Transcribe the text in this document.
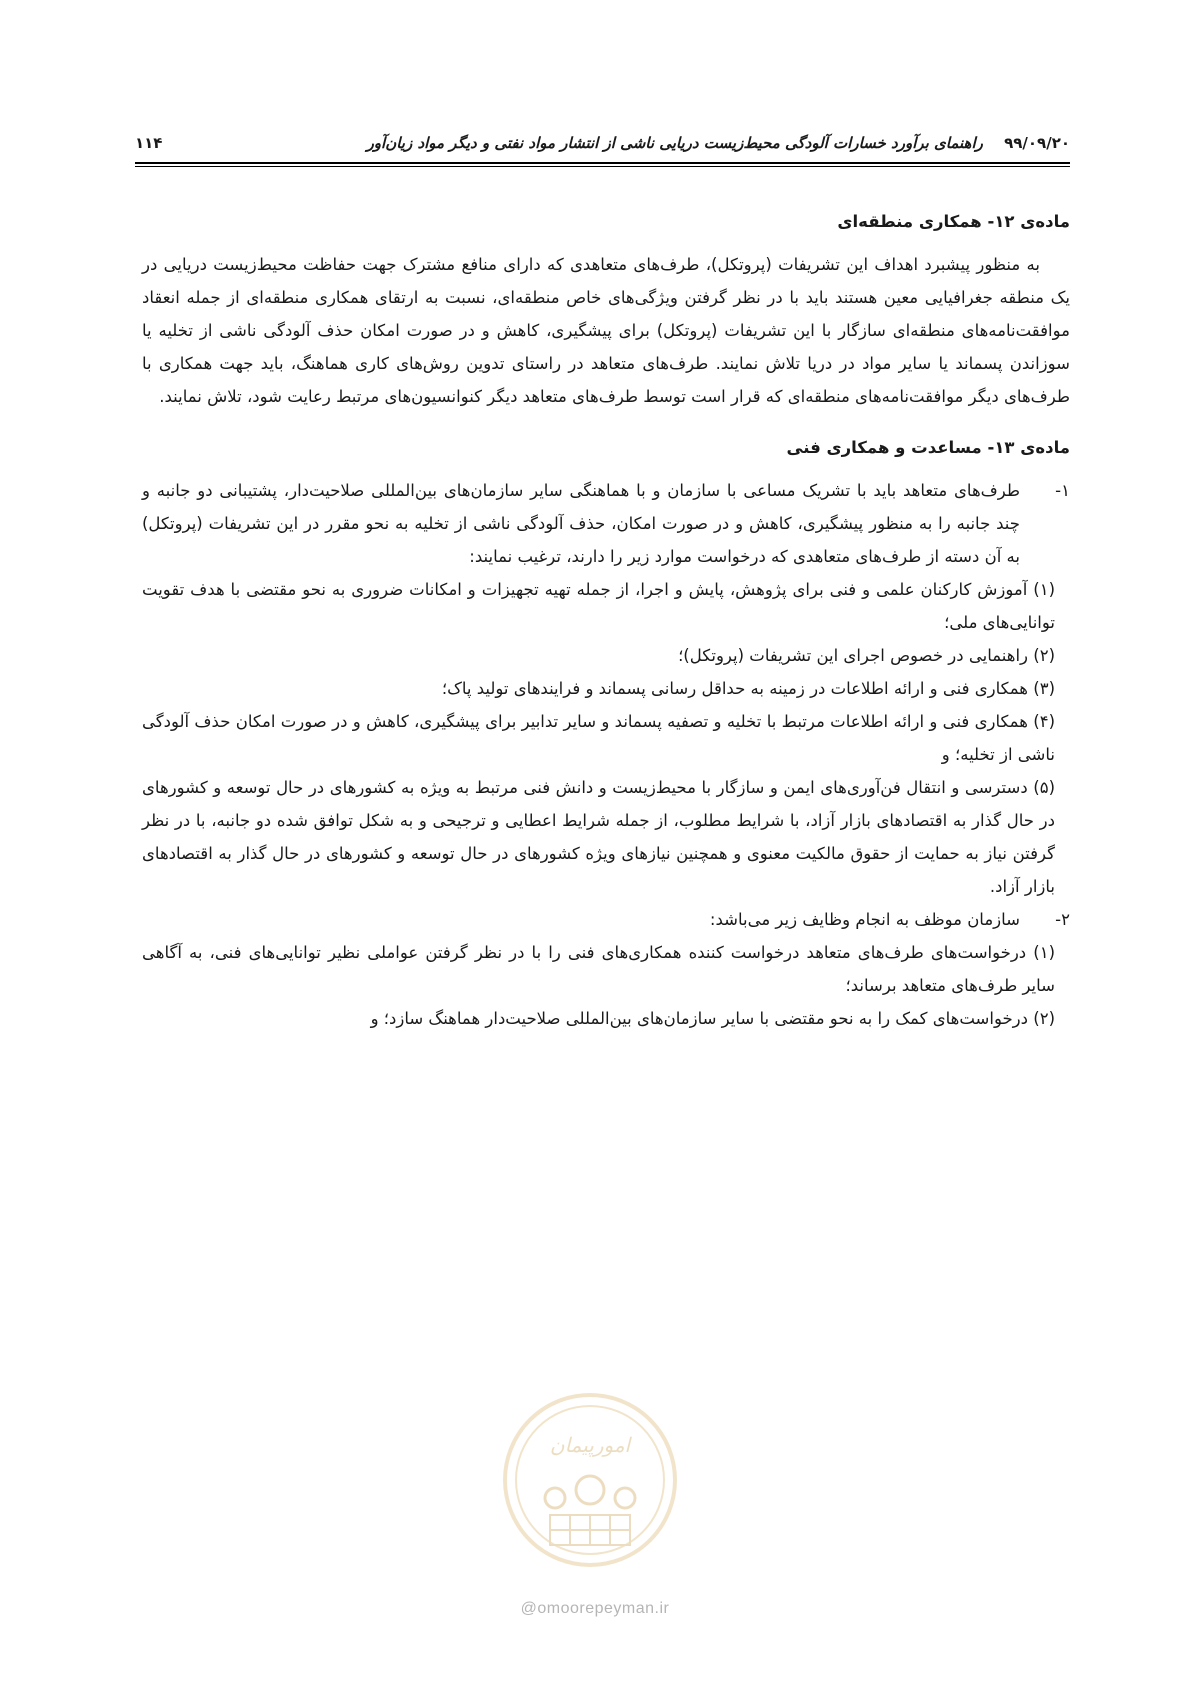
۹۹/۰۹/۲۰ راهنمای برآورد خسارات آلودگی محیط‌زیست دریایی ناشی از انتشار مواد نفتی و دیگر مواد زیان‌آور
۱۱۴
ماده‌ی ۱۲- همکاری منطقه‌ای

به منظور پیشبرد اهداف این تشریفات (پروتکل)، طرف‌های متعاهدی که دارای منافع مشترک جهت حفاظت محیط‌زیست دریایی در یک منطقه جغرافیایی معین هستند باید با در نظر گرفتن ویژگی‌های خاص منطقه‌ای، نسبت به ارتقای همکاری منطقه‌ای از جمله انعقاد موافقت‌نامه‌های منطقه‌ای سازگار با این تشریفات (پروتکل) برای پیشگیری، کاهش و در صورت امکان حذف آلودگی ناشی از تخلیه یا سوزاندن پسماند یا سایر مواد در دریا تلاش نمایند. طرف‌های متعاهد در راستای تدوین روش‌های کاری هماهنگ، باید جهت همکاری با طرف‌های دیگر موافقت‌نامه‌های منطقه‌ای که قرار است توسط طرف‌های متعاهد دیگر کنوانسیون‌های مرتبط رعایت شود، تلاش نمایند.

ماده‌ی ۱۳- مساعدت و همکاری فنی
۱-
طرف‌های متعاهد باید با تشریک مساعی با سازمان و با هماهنگی سایر سازمان‌های بین‌المللی صلاحیت‌دار، پشتیبانی دو جانبه و چند جانبه را به منظور پیشگیری، کاهش و در صورت امکان، حذف آلودگی ناشی از تخلیه به نحو مقرر در این تشریفات (پروتکل) به آن دسته از طرف‌های متعاهدی که درخواست موارد زیر را دارند، ترغیب نمایند:

(۱) آموزش کارکنان علمی و فنی برای پژوهش، پایش و اجرا، از جمله تهیه تجهیزات و امکانات ضروری به نحو مقتضی با هدف تقویت توانایی‌های ملی؛

(۲) راهنمایی در خصوص اجرای این تشریفات (پروتکل)؛

(۳) همکاری فنی و ارائه اطلاعات در زمینه به حداقل رسانی پسماند و فرایندهای تولید پاک؛

(۴) همکاری فنی و ارائه اطلاعات مرتبط با تخلیه و تصفیه پسماند و سایر تدابیر برای پیشگیری، کاهش و در صورت امکان حذف آلودگی ناشی از تخلیه؛ و

(۵) دسترسی و انتقال فن‌آوری‌های ایمن و سازگار با محیط‌زیست و دانش فنی مرتبط به ویژه به کشورهای در حال توسعه و کشورهای در حال گذار به اقتصادهای بازار آزاد، با شرایط مطلوب، از جمله شرایط اعطایی و ترجیحی و به شکل توافق شده دو جانبه، با در نظر گرفتن نیاز به حمایت از حقوق مالکیت معنوی و همچنین نیازهای ویژه کشورهای در حال توسعه و کشورهای در حال گذار به اقتصادهای بازار آزاد.

۲-
سازمان موظف به انجام وظایف زیر می‌باشد:

(۱) درخواست‌های طرف‌های متعاهد درخواست کننده همکاری‌های فنی را با در نظر گرفتن عواملی نظیر توانایی‌های فنی، به آگاهی سایر طرف‌های متعاهد برساند؛

(۲) درخواست‌های کمک را به نحو مقتضی با سایر سازمان‌های بین‌المللی صلاحیت‌دار هماهنگ سازد؛ و

امورپیمان
@omoorepeyman.ir
